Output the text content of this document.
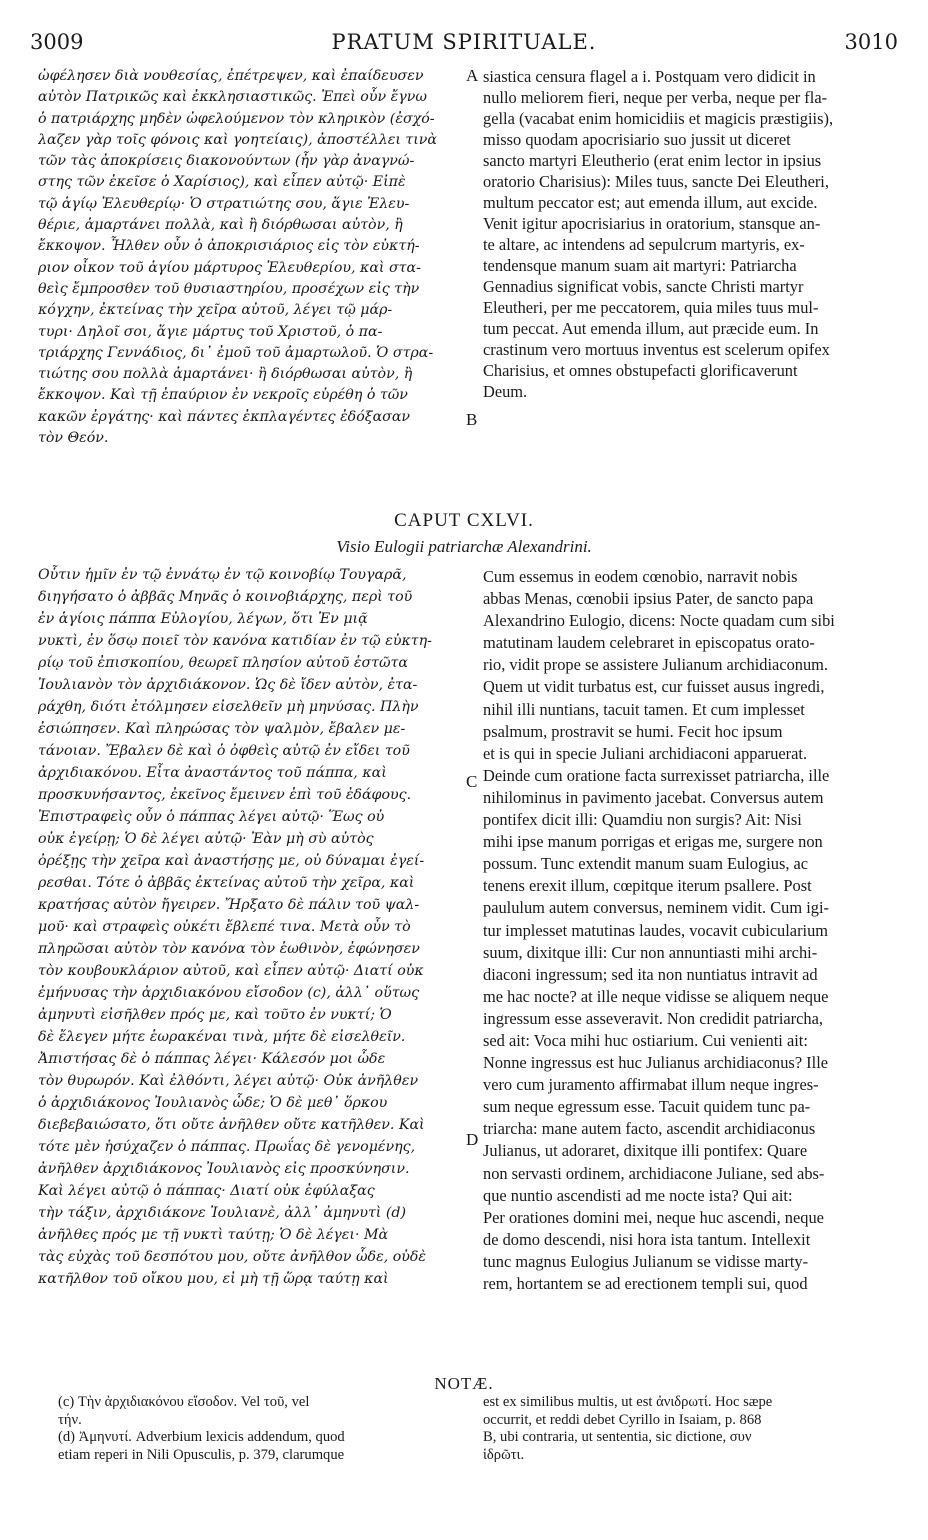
3009	PRATUM SPIRITUALE.	3010
ὠφέλησεν διὰ νουθεσίας, ἐπέτρεψεν, καὶ ἐπαίδευσεν
αὐτὸν Πατρικῶς καὶ ἐκκλησιαστικῶς. Ἐπεὶ οὖν ἔγνω
ὁ πατριάρχης μηδὲν ὠφελούμενον τὸν κληρικὸν (ἐσχό-
λαζεν γὰρ τοῖς φόνοις καὶ γοητείαις), ἀποστέλλει τινὰ
τῶν τὰς ἀποκρίσεις διακονούντων (ἦν γὰρ ἀναγνώ-
στης τῶν ἐκεῖσε ὁ Χαρίσιος), καὶ εἶπεν αὐτῷ· Εἰπὲ
τῷ ἁγίῳ Ἐλευθερίῳ· Ὁ στρατιώτης σου, ἅγιε Ἐλευ-
θέριε, ἁμαρτάνει πολλὰ, καὶ ἢ διόρθωσαι αὐτὸν, ἢ
ἔκκοψον. Ἦλθεν οὖν ὁ ἀποκρισιάριος εἰς τὸν εὐκτή-
ριον οἶκον τοῦ ἁγίου μάρτυρος Ἐλευθερίου, καὶ στα-
θεὶς ἔμπροσθεν τοῦ θυσιαστηρίου, προσέχων εἰς τὴν
κόγχην, ἐκτείνας τὴν χεῖρα αὐτοῦ, λέγει τῷ μάρ-
τυρι· Δηλοῖ σοι, ἅγιε μάρτυς τοῦ Χριστοῦ, ὁ πα-
τριάρχης Γεννάδιος, δι᾽ ἐμοῦ τοῦ ἁμαρτωλοῦ. Ὁ στρα-
τιώτης σου πολλὰ ἁμαρτάνει· ἢ διόρθωσαι αὐτὸν, ἢ
ἔκκοψον. Καὶ τῇ ἐπαύριον ἐν νεκροῖς εὑρέθη ὁ τῶν
κακῶν ἐργάτης· καὶ πάντες ἐκπλαγέντες ἐδόξασαν
τὸν Θεόν.
siastica censura flagel a i. Postquam vero didicit in
nullo meliorem fieri, neque per verba, neque per fla-
gella (vacabat enim homicidiis et magicis præstigiis),
misso quodam apocrisiario suo jussit ut diceret
sancto martyri Eleutherio (erat enim lector in ipsius
oratorio Charisius): Miles tuus, sancte Dei Eleutheri,
multum peccator est; aut emenda illum, aut excide.
Venit igitur apocrisiarius in oratorium, stansque an-
te altare, ac intendens ad sepulcrum martyris, ex-
tendensque manum suam ait martyri: Patriarcha
Gennadius significat vobis, sancte Christi martyr
Eleutheri, per me peccatorem, quia miles tuus mul-
tum peccat. Aut emenda illum, aut præcide eum. In
crastinum vero mortuus inventus est scelerum opifex
Charisius, et omnes obstupefacti glorificaverunt
Deum.
A
B
C
D
CAPUT CXLVI.
Visio Eulogii patriarchæ Alexandrini.
Οὗτιν ἡμῖν ἐν τῷ ἐννάτῳ ἐν τῷ κοινοβίῳ Τουγαρᾶ,
διηγήσατο ὁ ἀββᾶς Μηνᾶς ὁ κοινοβιάρχης, περὶ τοῦ
ἐν ἁγίοις πάππα Εὐλογίου, λέγων, ὅτι Ἐν μιᾷ
νυκτὶ, ἐν ὅσῳ ποιεῖ τὸν κανόνα κατιδίαν ἐν τῷ εὐκτη-
ρίῳ τοῦ ἐπισκοπίου, θεωρεῖ πλησίον αὐτοῦ ἑστῶτα
Ἰουλιανὸν τὸν ἀρχιδιάκονον. Ὡς δὲ ἴδεν αὐτὸν, ἐτα-
ράχθη, διότι ἐτόλμησεν εἰσελθεῖν μὴ μηνύσας. Πλὴν
ἐσιώπησεν. Καὶ πληρώσας τὸν ψαλμὸν, ἔβαλεν με-
τάνοιαν. Ἔβαλεν δὲ καὶ ὁ ὀφθεὶς αὐτῷ ἐν εἴδει τοῦ
ἀρχιδιακόνου. Εἶτα ἀναστάντος τοῦ πάππα, καὶ
προσκυνήσαντος, ἐκεῖνος ἔμεινεν ἐπὶ τοῦ ἐδάφους.
Ἐπιστραφεὶς οὖν ὁ πάππας λέγει αὐτῷ· Ἕως οὐ
οὐκ ἐγείρῃ; Ὁ δὲ λέγει αὐτῷ· Ἐὰν μὴ σὺ αὐτὸς
ὀρέξῃς τὴν χεῖρα καὶ ἀναστήσῃς με, οὐ δύναμαι ἐγεί-
ρεσθαι. Τότε ὁ ἀββᾶς ἐκτείνας αὐτοῦ τὴν χεῖρα, καὶ
κρατήσας αὐτὸν ἤγειρεν. Ἤρξατο δὲ πάλιν τοῦ ψαλ-
μοῦ· καὶ στραφεὶς οὐκέτι ἔβλεπέ τινα. Μετὰ οὖν τὸ
πληρῶσαι αὐτὸν τὸν κανόνα τὸν ἑωθινὸν, ἐφώνησεν
τὸν κουβουκλάριον αὐτοῦ, καὶ εἶπεν αὐτῷ· Διατί οὐκ
ἐμήνυσας τὴν ἀρχιδιακόνου εἴσοδον (c), ἀλλ᾽ οὕτως
ἀμηνυτὶ εἰσῆλθεν πρός με, καὶ τοῦτο ἐν νυκτί; Ὁ
δὲ ἔλεγεν μήτε ἑωρακέναι τινὰ, μήτε δὲ εἰσελθεῖν.
Ἀπιστήσας δὲ ὁ πάππας λέγει· Κάλεσόν μοι ὧδε
τὸν θυρωρόν. Καὶ ἐλθόντι, λέγει αὐτῷ· Οὐκ ἀνῆλθεν
ὁ ἀρχιδιάκονος Ἰουλιανὸς ὧδε; Ὁ δὲ μεθ᾽ ὅρκου
διεβεβαιώσατο, ὅτι οὔτε ἀνῆλθεν οὔτε κατῆλθεν. Καὶ
τότε μὲν ἡσύχαζεν ὁ πάππας. Πρωΐας δὲ γενομένης,
ἀνῆλθεν ἀρχιδιάκονος Ἰουλιανὸς εἰς προσκύνησιν.
Καὶ λέγει αὐτῷ ὁ πάππας· Διατί οὐκ ἐφύλαξας
τὴν τάξιν, ἀρχιδιάκονε Ἰουλιανὲ, ἀλλ᾽ ἀμηνυτὶ (d)
ἀνῆλθες πρός με τῇ νυκτὶ ταύτῃ; Ὁ δὲ λέγει· Μὰ
τὰς εὐχὰς τοῦ δεσπότου μου, οὔτε ἀνῆλθον ὧδε, οὐδὲ
κατῆλθον τοῦ οἴκου μου, εἰ μὴ τῇ ὥρᾳ ταύτῃ καὶ
Cum essemus in eodem cœnobio, narravit nobis
abbas Menas, cœnobii ipsius Pater, de sancto papa
Alexandrino Eulogio, dicens: Nocte quadam cum sibi
matutinam laudem celebraret in episcopatus orato-
rio, vidit prope se assistere Julianum archidiaconum.
Quem ut vidit turbatus est, cur fuisset ausus ingredi,
nihil illi nuntians, tacuit tamen. Et cum implesset
psalmum, prostravit se humi. Fecit hoc ipsum
et is qui in specie Juliani archidiaconi apparuerat.
Deinde cum oratione facta surrexisset patriarcha, ille
nihilominus in pavimento jacebat. Conversus autem
pontifex dicit illi: Quamdiu non surgis? Ait: Nisi
mihi ipse manum porrigas et erigas me, surgere non
possum. Tunc extendit manum suam Eulogius, ac
tenens erexit illum, cœpitque iterum psallere. Post
paululum autem conversus, neminem vidit. Cum igi-
tur implesset matutinas laudes, vocavit cubicularium
suum, dixitque illi: Cur non annuntiasti mihi archi-
diaconi ingressum; sed ita non nuntiatus intravit ad
me hac nocte? at ille neque vidisse se aliquem neque
ingressum esse asseveravit. Non credidit patriarcha,
sed ait: Voca mihi huc ostiarium. Cui venienti ait:
Nonne ingressus est huc Julianus archidiaconus? Ille
vero cum juramento affirmabat illum neque ingres-
sum neque egressum esse. Tacuit quidem tunc pa-
triarcha: mane autem facto, ascendit archidiaconus
Julianus, ut adoraret, dixitque illi pontifex: Quare
non servasti ordinem, archidiacone Juliane, sed abs-
que nuntio ascendisti ad me nocte ista? Qui ait:
Per orationes domini mei, neque huc ascendi, neque
de domo descendi, nisi hora ista tantum. Intellexit
tunc magnus Eulogius Julianum se vidisse marty-
rem, hortantem se ad erectionem templi sui, quod
NOTÆ.
(c) Τὴν ἀρχιδιακόνου εἴσοδον. Vel τοῦ, vel
τήν.
(d) Ἀμηνυτί. Adverbium lexicis addendum, quod
etiam reperi in Nili Opusculis, p. 379, clarumque
est ex similibus multis, ut est ἀνιδρωτί. Hoc sæpe
occurrit, et reddi debet Cyrillo in Isaiam, p. 868
B, ubi contraria, ut sententia, sic dictione, συν
ἱδρῶτι.
